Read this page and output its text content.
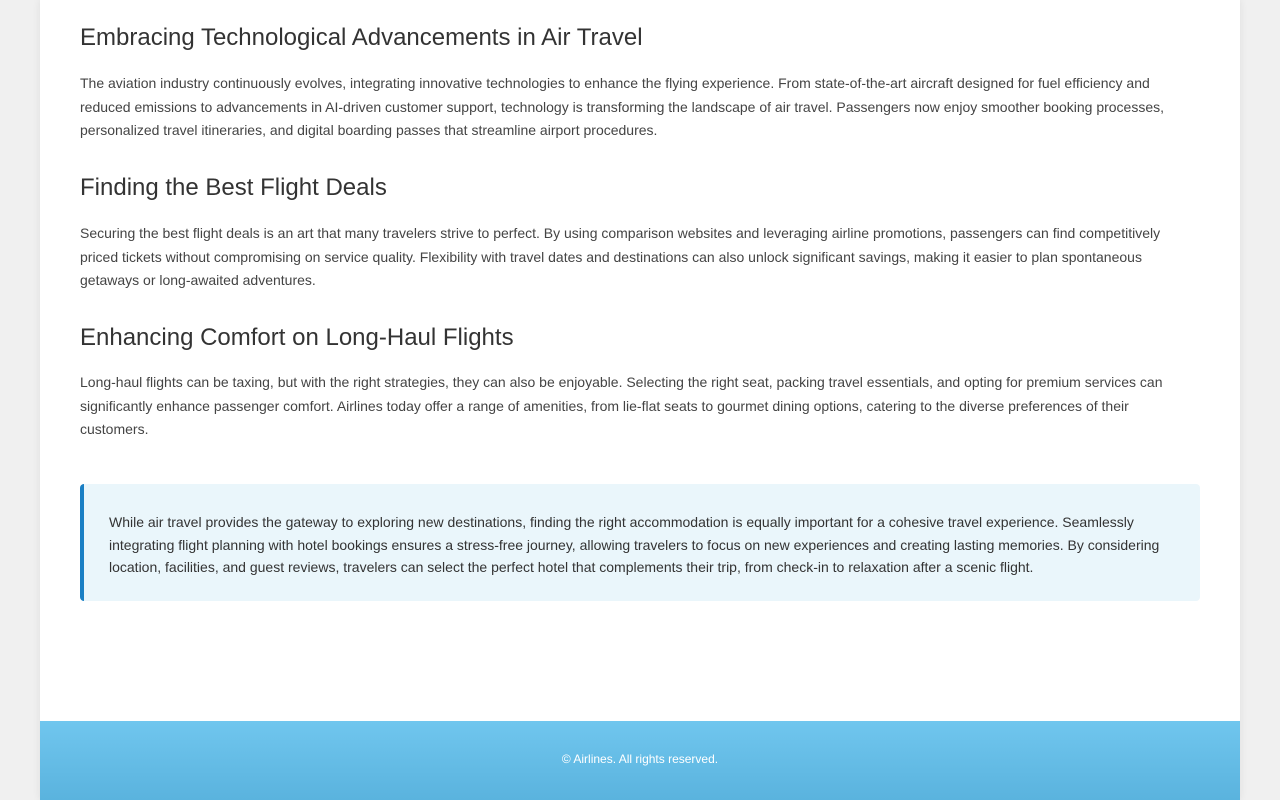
Embracing Technological Advancements in Air Travel

The aviation industry continuously evolves, integrating innovative technologies to enhance the flying experience. From state-of-the-art aircraft designed for fuel efficiency and reduced emissions to advancements in AI-driven customer support, technology is transforming the landscape of air travel. Passengers now enjoy smoother booking processes, personalized travel itineraries, and digital boarding passes that streamline airport procedures.

Finding the Best Flight Deals

Securing the best flight deals is an art that many travelers strive to perfect. By using comparison websites and leveraging airline promotions, passengers can find competitively priced tickets without compromising on service quality. Flexibility with travel dates and destinations can also unlock significant savings, making it easier to plan spontaneous getaways or long-awaited adventures.

Enhancing Comfort on Long-Haul Flights

Long-haul flights can be taxing, but with the right strategies, they can also be enjoyable. Selecting the right seat, packing travel essentials, and opting for premium services can significantly enhance passenger comfort. Airlines today offer a range of amenities, from lie-flat seats to gourmet dining options, catering to the diverse preferences of their customers.

While air travel provides the gateway to exploring new destinations, finding the right accommodation is equally important for a cohesive travel experience. Seamlessly integrating flight planning with hotel bookings ensures a stress-free journey, allowing travelers to focus on new experiences and creating lasting memories. By considering location, facilities, and guest reviews, travelers can select the perfect hotel that complements their trip, from check-in to relaxation after a scenic flight.

© Airlines. All rights reserved.
